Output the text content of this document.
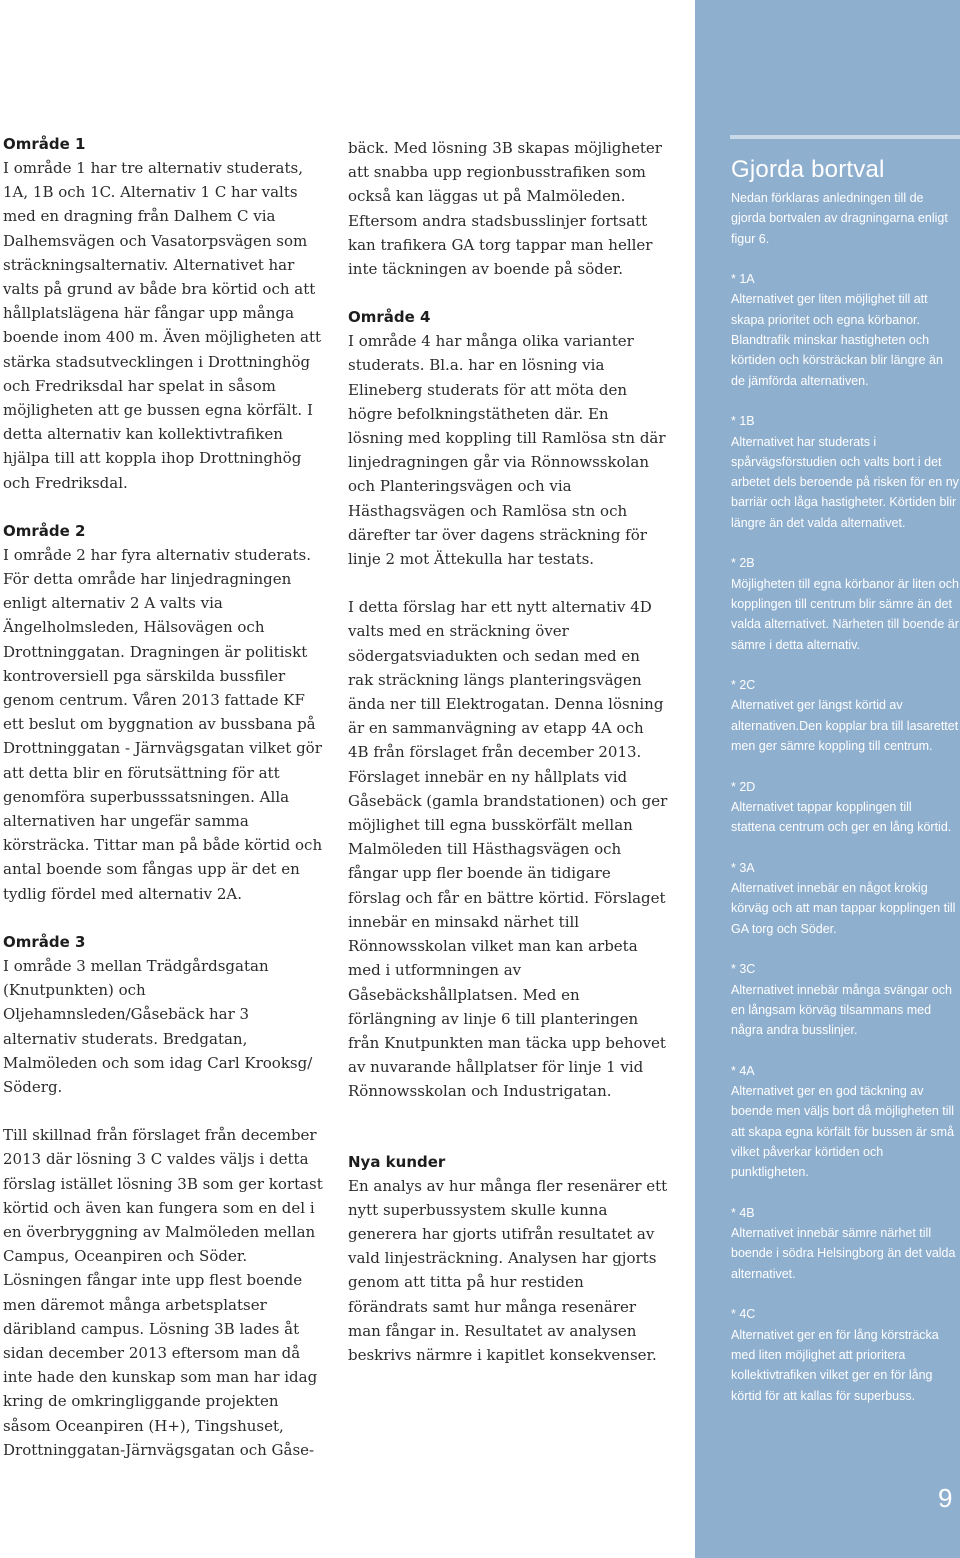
Område 1

I område 1 har tre alternativ studerats, 1A, 1B och 1C. Alternativ 1 C har valts med en dragning från Dalhem C via Dalhemsvägen och Vasatorpsvägen som sträckningsalternativ. Alternativet har valts på grund av både bra körtid och att hållplatslägena här fångar upp många boende inom 400 m. Även möjligheten att stärka stadsutvecklingen i Drottninghög och Fredriksdal har spelat in såsom möjligheten att ge bussen egna körfält. I detta alternativ kan kollektivtrafiken hjälpa till att koppla ihop Drottninghög och Fredriksdal.

Område 2

I område 2 har fyra alternativ studerats. För detta område har linjedragningen enligt alternativ 2 A valts via Ängelholmsleden, Hälsovägen och Drottninggatan. Dragningen är politiskt kontroversiell pga särskilda bussfiler genom centrum. Våren 2013 fattade KF ett beslut om byggnation av bussbana på Drottninggatan - Järnvägsgatan vilket gör att detta blir en förutsättning för att genomföra superbusssatsningen. Alla alternativen har ungefär samma körsträcka. Tittar man på både körtid och antal boende som fångas upp är det en tydlig fördel med alternativ 2A.

Område 3

I område 3 mellan Trädgårdsgatan (Knutpunkten) och Oljehamnsleden/Gåsebäck har 3 alternativ studerats. Bredgatan, Malmöleden och som idag Carl Krooksg/ Söderg.

Till skillnad från förslaget från december 2013 där lösning 3 C valdes väljs i detta förslag istället lösning 3B som ger kortast körtid och även kan fungera som en del i en överbryggning av Malmöleden mellan Campus, Oceanpiren och Söder. Lösningen fångar inte upp flest boende men däremot många arbetsplatser däribland campus. Lösning 3B lades åt sidan december 2013 eftersom man då inte hade den kunskap som man har idag kring de omkringliggande projekten såsom Oceanpiren (H+), Tingshuset, Drottninggatan-Järnvägsgatan och Gåse-

bäck. Med lösning 3B skapas möjligheter att snabba upp regionbusstrafiken som också kan läggas ut på Malmöleden. Eftersom andra stadsbusslinjer fortsatt kan trafikera GA torg tappar man heller inte täckningen av boende på söder.

Område 4

I område 4 har många olika varianter studerats. Bl.a. har en lösning via Elineberg studerats för att möta den högre befolkningstätheten där. En lösning med koppling till Ramlösa stn där linjedragningen går via Rönnowsskolan och Planteringsvägen och via Hästhagsvägen och Ramlösa stn och därefter tar över dagens sträckning för linje 2 mot Ättekulla har testats.

I detta förslag har ett nytt alternativ 4D valts med en sträckning över södergatsviadukten och sedan med en rak sträckning längs planteringsvägen ända ner till Elektrogatan. Denna lösning är en sammanvägning av etapp 4A och 4B från förslaget från december 2013. Förslaget innebär en ny hållplats vid Gåsebäck (gamla brandstationen) och ger möjlighet till egna busskörfält mellan Malmöleden till Hästhagsvägen och fångar upp fler boende än tidigare förslag och får en bättre körtid. Förslaget innebär en minsakd närhet till Rönnowsskolan vilket man kan arbeta med i utformningen av Gåsebäckshållplatsen. Med en förlängning av linje 6 till planteringen från Knutpunkten man täcka upp behovet av nuvarande hållplatser för linje 1 vid Rönnowsskolan och Industrigatan.

Nya kunder

En analys av hur många fler resenärer ett nytt superbussystem skulle kunna generera har gjorts utifrån resultatet av vald linjesträckning. Analysen har gjorts genom att titta på hur restiden förändrats samt hur många resenärer man fångar in. Resultatet av analysen beskrivs närmre i kapitlet konsekvenser.

Gjorda bortval

Nedan förklaras anledningen till de gjorda bortvalen av dragningarna enligt figur 6.

* 1A

Alternativet ger liten möjlighet till att skapa prioritet och egna körbanor. Blandtrafik minskar hastigheten och körtiden och körsträckan blir längre än de jämförda alternativen.

* 1B

Alternativet har studerats i spårvägsförstudien och valts bort i det arbetet dels beroende på risken för en ny barriär och låga hastigheter. Körtiden blir längre än det valda alternativet.

* 2B

Möjligheten till egna körbanor är liten och kopplingen till centrum blir sämre än det valda alternativet. Närheten till boende är sämre i detta alternativ.

* 2C

Alternativet ger längst körtid av alternativen.Den kopplar bra till lasarettet men ger sämre koppling till centrum.

* 2D

Alternativet tappar kopplingen till stattena centrum och ger en lång körtid.

* 3A

Alternativet innebär en något krokig körväg och att man tappar kopplingen till GA torg och Söder.

* 3C

Alternativet innebär många svängar och en långsam körväg tilsammans med några andra busslinjer.

* 4A

Alternativet ger en god täckning av boende men väljs bort då möjligheten till att skapa egna körfält för bussen är små vilket påverkar körtiden och punktligheten.

* 4B

Alternativet innebär sämre närhet till boende i södra Helsingborg än det valda alternativet.

* 4C

Alternativet ger en för lång körsträcka med liten möjlighet att prioritera kollektivtrafiken vilket ger en för lång körtid för att kallas för superbuss.

9
